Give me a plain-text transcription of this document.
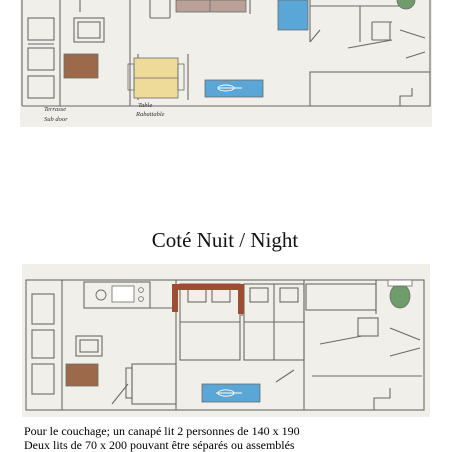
Terrasse
Sub door
Table
Rabattable
Coté Nuit / Night
Pour le couchage; un canapé lit 2 personnes de 140 x 190
Deux lits de 70 x 200 pouvant être séparés ou assemblés
